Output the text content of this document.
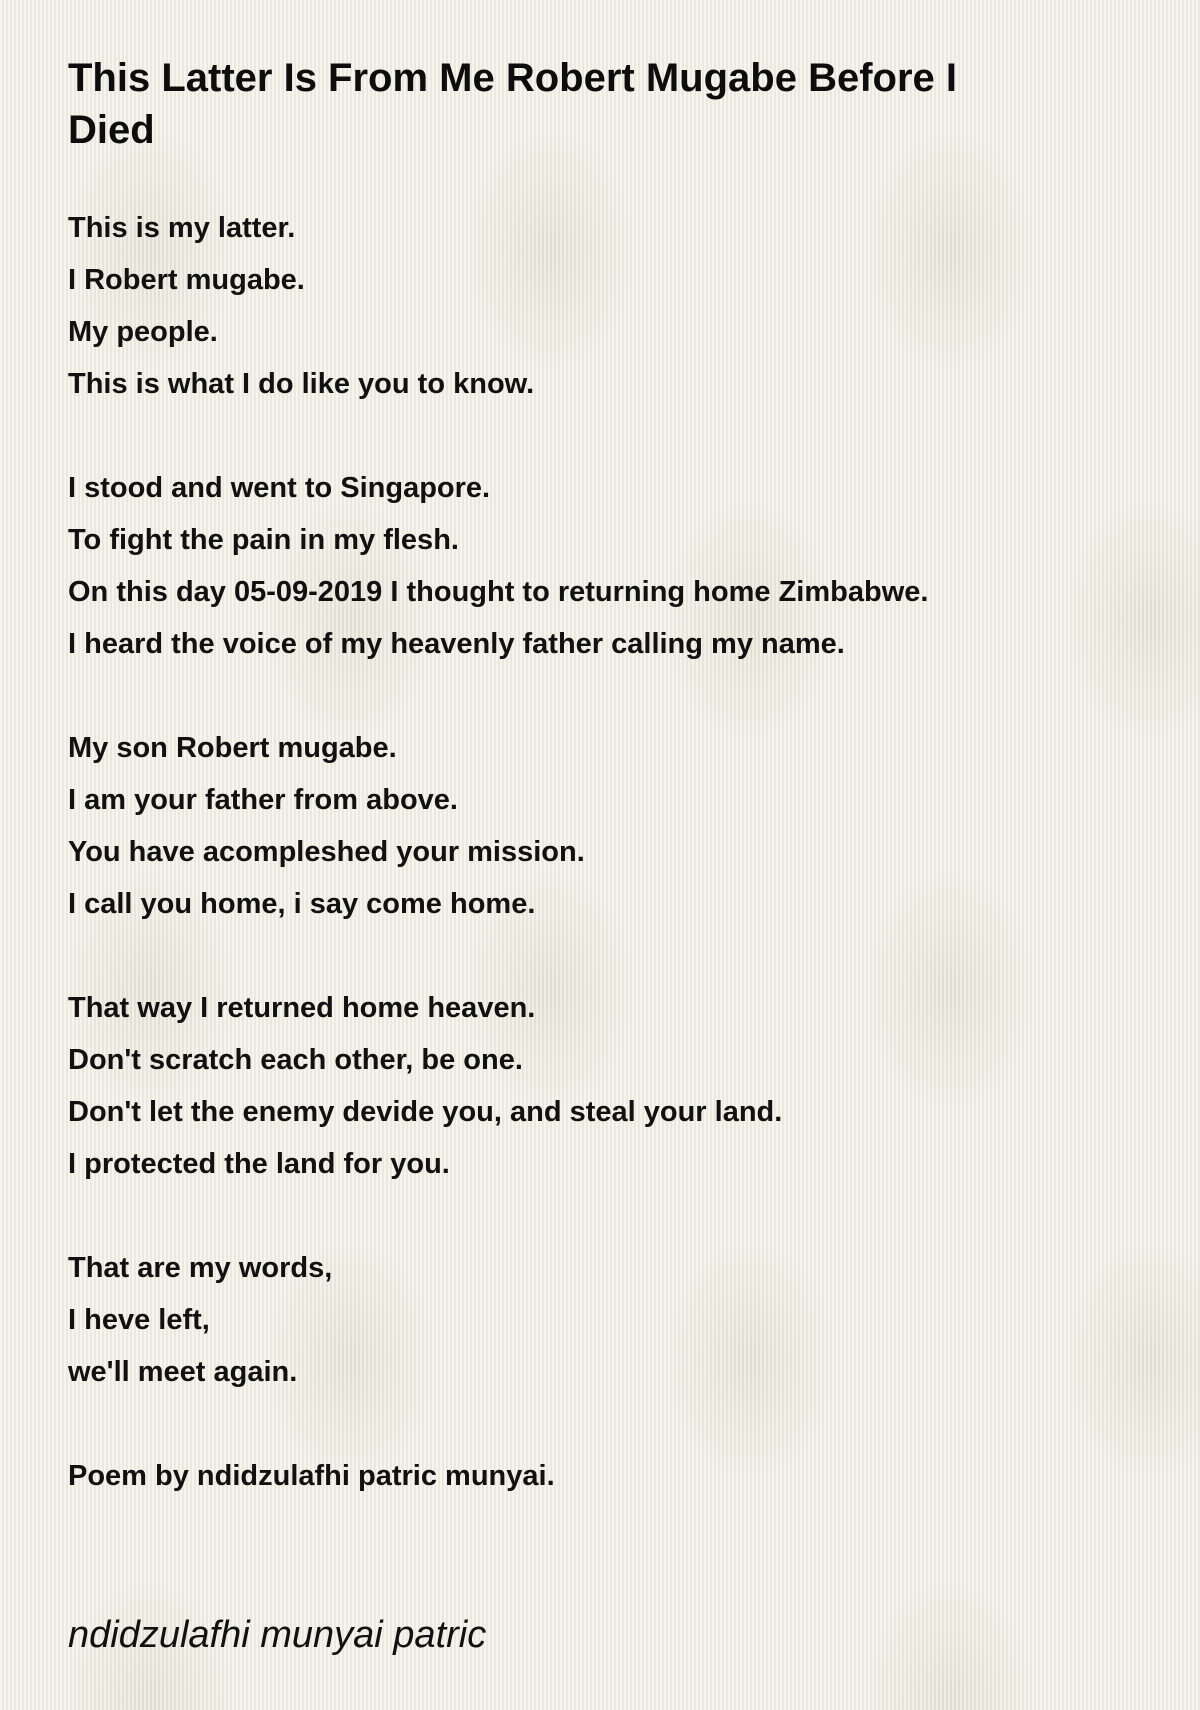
This Latter Is From Me Robert Mugabe Before I Died
This is my latter.
I Robert mugabe.
My people.
This is what I do like you to know.
I stood and went to Singapore.
To fight the pain in my flesh.
On this day 05-09-2019 I thought to returning home Zimbabwe.
I heard the voice of my heavenly father calling my name.
My son Robert mugabe.
I am your father from above.
You have acompleshed your mission.
I call you home, i say come home.
That way I returned home heaven.
Don't scratch each other, be one.
Don't let the enemy devide you, and steal your land.
I protected the land for you.
That are my words,
I heve left,
we'll meet again.
Poem by ndidzulafhi patric munyai.
ndidzulafhi munyai patric
